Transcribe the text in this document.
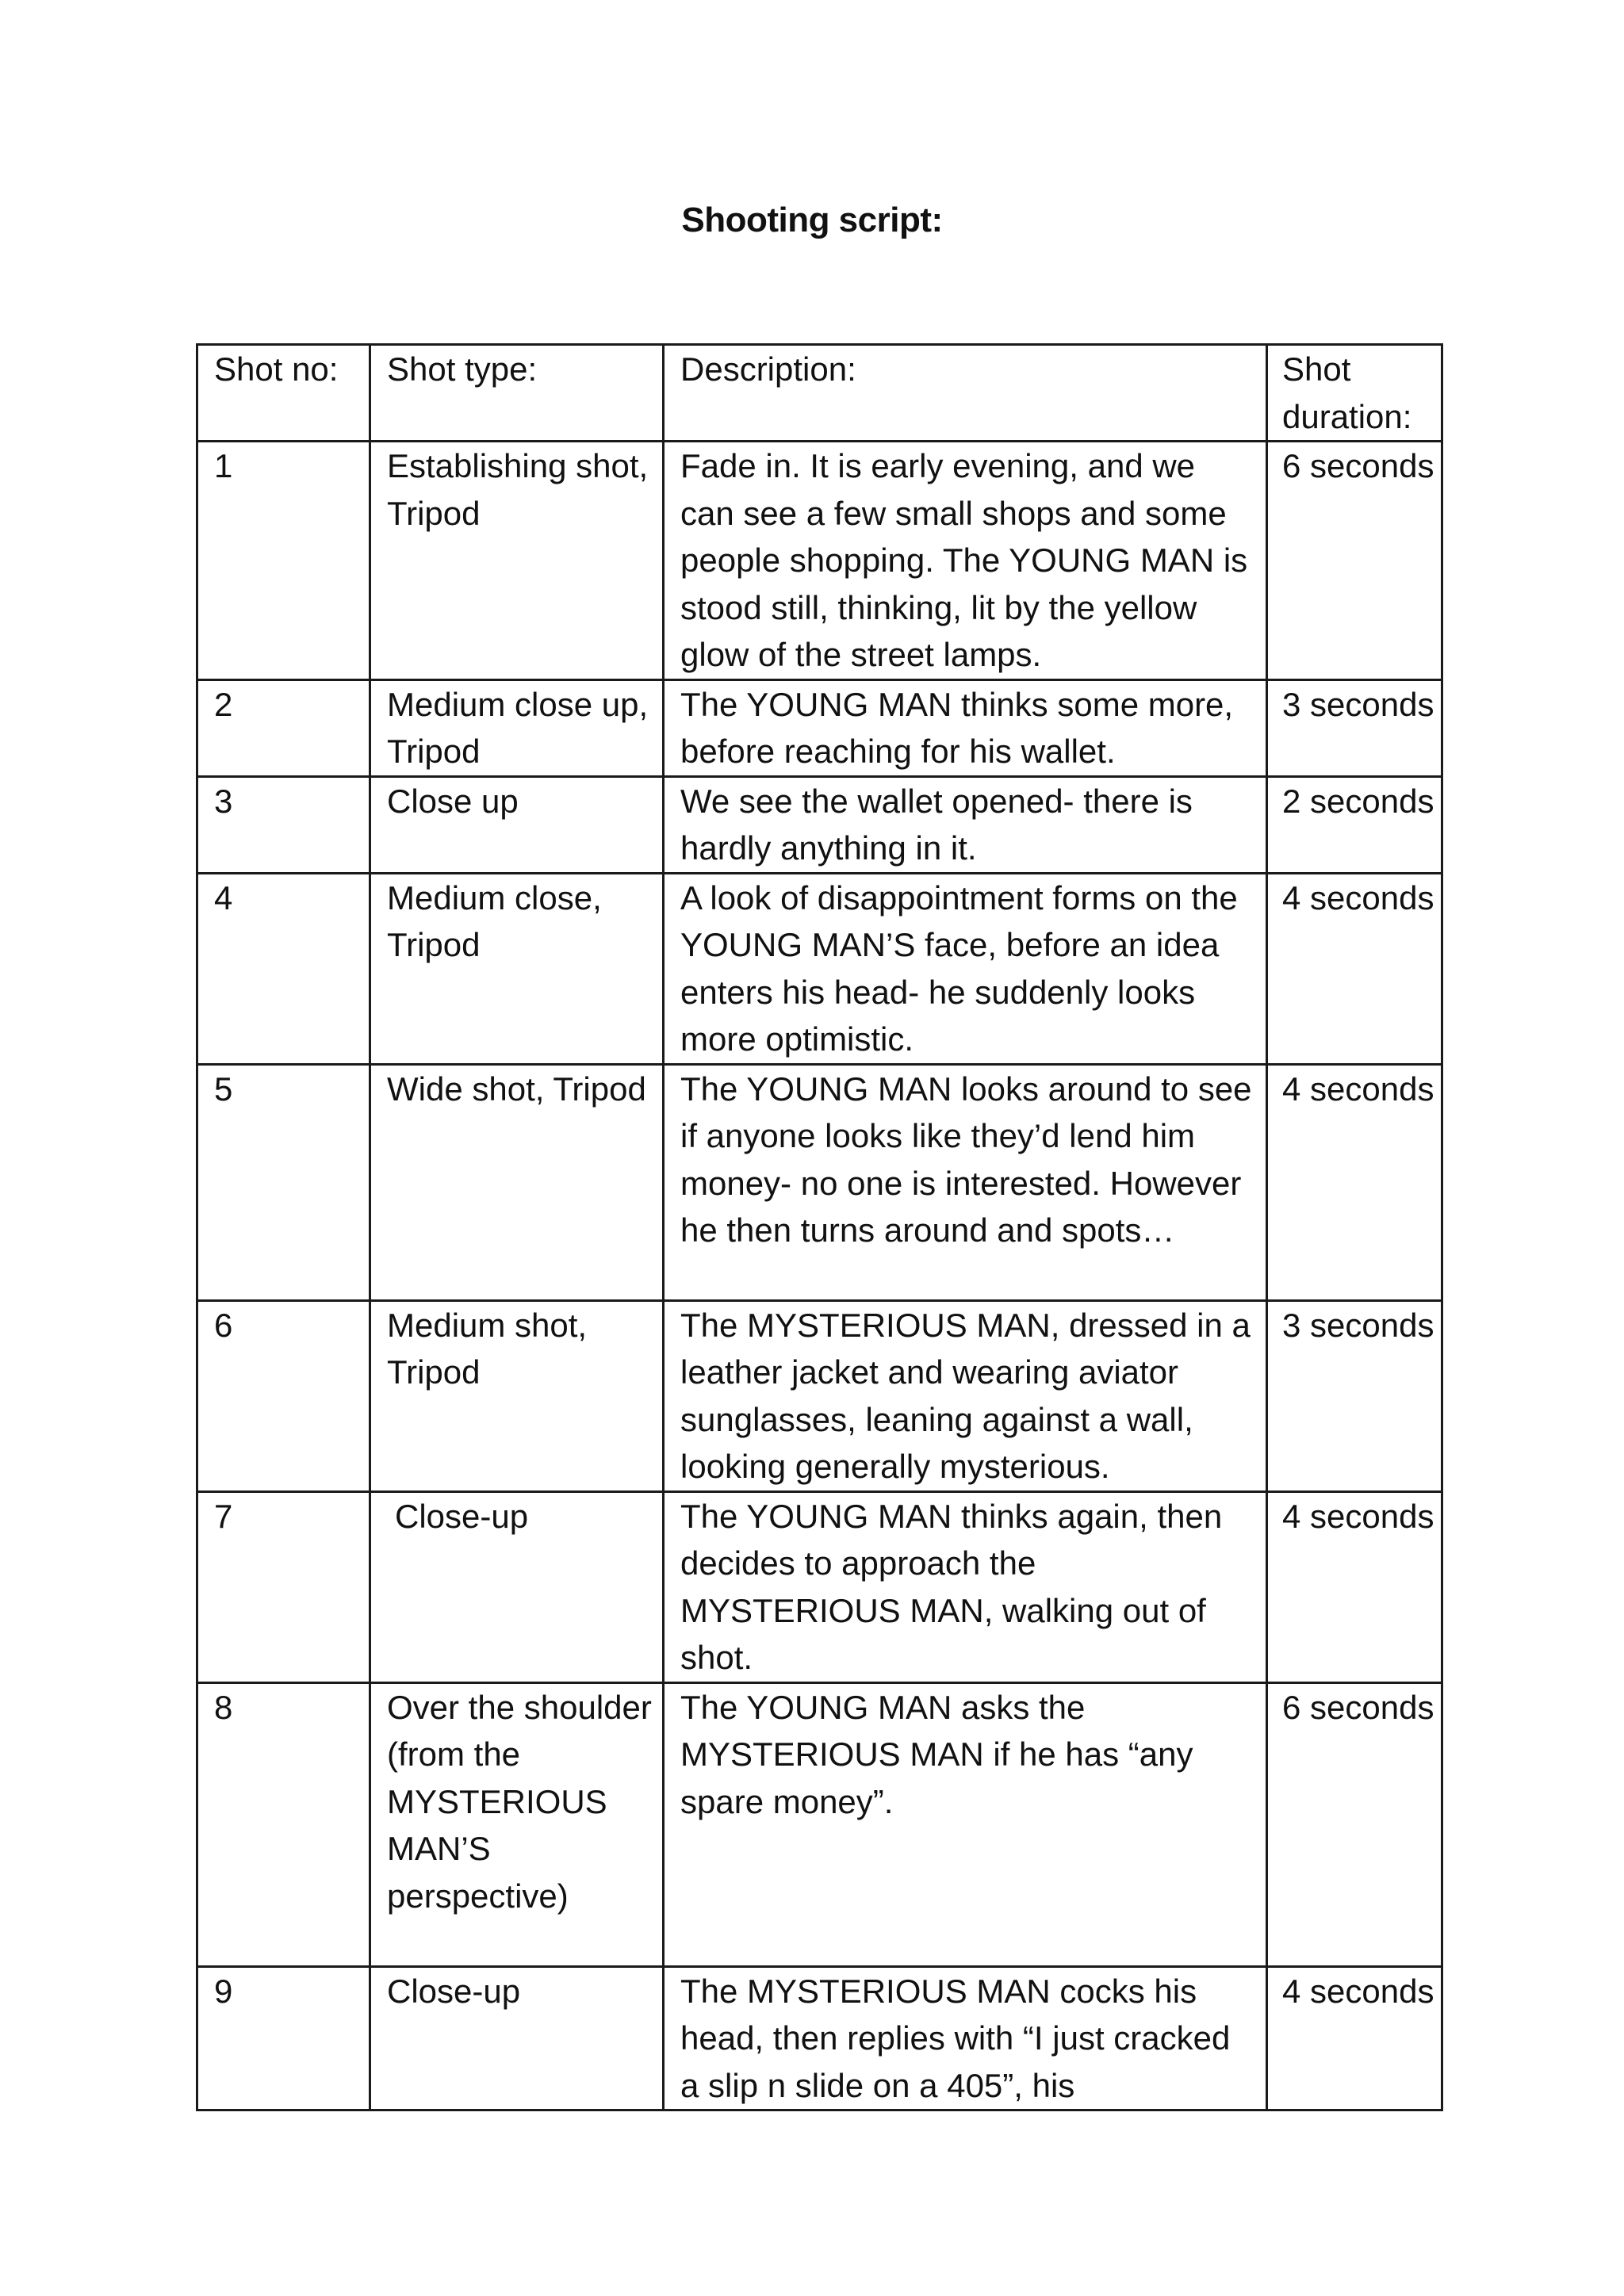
Shooting script:
Shot no:	Shot type:	Description:	Shot duration:
1	Establishing shot, Tripod	Fade in. It is early evening, and we can see a few small shops and some people shopping. The YOUNG MAN is stood still, thinking, lit by the yellow glow of the street lamps.	6 seconds
2	Medium close up, Tripod	The YOUNG MAN thinks some more, before reaching for his wallet.	3 seconds
3	Close up	We see the wallet opened- there is hardly anything in it.	2 seconds
4	Medium close, Tripod	A look of disappointment forms on the YOUNG MAN’S face, before an idea enters his head- he suddenly looks more optimistic.	4 seconds
5	Wide shot, Tripod	The YOUNG MAN looks around to see if anyone looks like they’d lend him money- no one is interested. However he then turns around and spots…	4 seconds
6	Medium shot, Tripod	The MYSTERIOUS MAN, dressed in a leather jacket and wearing aviator sunglasses, leaning against a wall, looking generally mysterious.	3 seconds
7	Close-up	The YOUNG MAN thinks again, then decides to approach the MYSTERIOUS MAN, walking out of shot.	4 seconds
8	Over the shoulder (from the MYSTERIOUS MAN’S perspective)	The YOUNG MAN asks the MYSTERIOUS MAN if he has “any spare money”.	6 seconds
9	Close-up	The MYSTERIOUS MAN cocks his head, then replies with “I just cracked a slip n slide on a 405”, his	4 seconds
